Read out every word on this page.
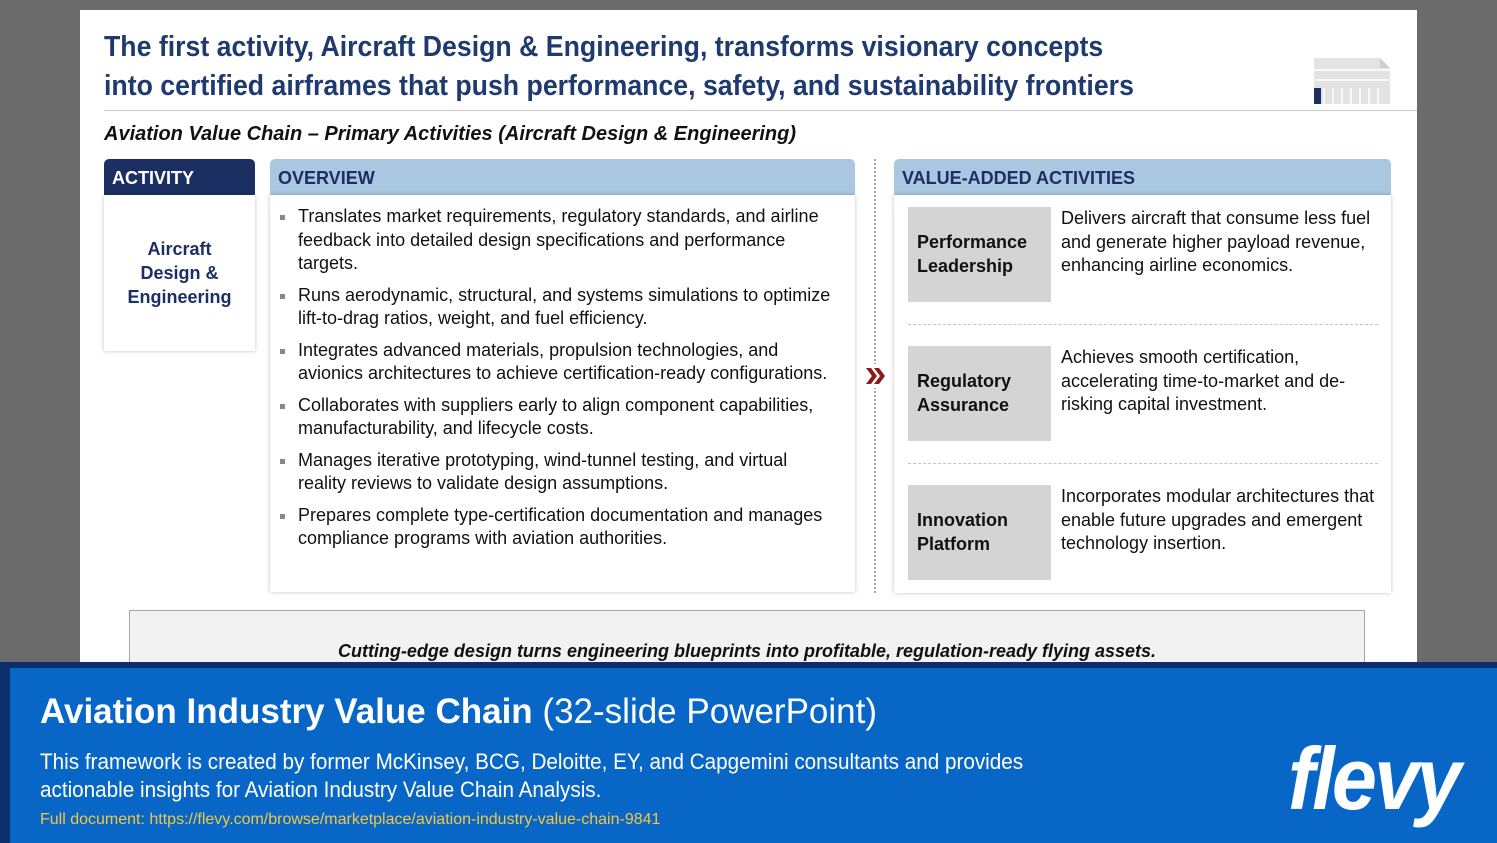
The first activity, Aircraft Design & Engineering, transforms visionary concepts
into certified airframes that push performance, safety, and sustainability frontiers
Aviation Value Chain – Primary Activities (Aircraft Design & Engineering)
ACTIVITY
Aircraft
Design &
Engineering
OVERVIEW
Translates market requirements, regulatory standards, and airline feedback into detailed design specifications and performance targets.
Runs aerodynamic, structural, and systems simulations to optimize lift-to-drag ratios, weight, and fuel efficiency.
Integrates advanced materials, propulsion technologies, and avionics architectures to achieve certification-ready configurations.
Collaborates with suppliers early to align component capabilities, manufacturability, and lifecycle costs.
Manages iterative prototyping, wind-tunnel testing, and virtual reality reviews to validate design assumptions.
Prepares complete type-certification documentation and manages compliance programs with aviation authorities.
VALUE-ADDED ACTIVITIES
Performance
Leadership
Delivers aircraft that consume less fuel and generate higher payload revenue, enhancing airline economics.
Regulatory
Assurance
Achieves smooth certification, accelerating time-to-market and de-risking capital investment.
Innovation
Platform
Incorporates modular architectures that enable future upgrades and emergent technology insertion.
Cutting-edge design turns engineering blueprints into profitable, regulation-ready flying assets.
Aviation Industry Value Chain (32-slide PowerPoint)
This framework is created by former McKinsey, BCG, Deloitte, EY, and Capgemini consultants and provides actionable insights for Aviation Industry Value Chain Analysis.
Full document: https://flevy.com/browse/marketplace/aviation-industry-value-chain-9841	flevy
